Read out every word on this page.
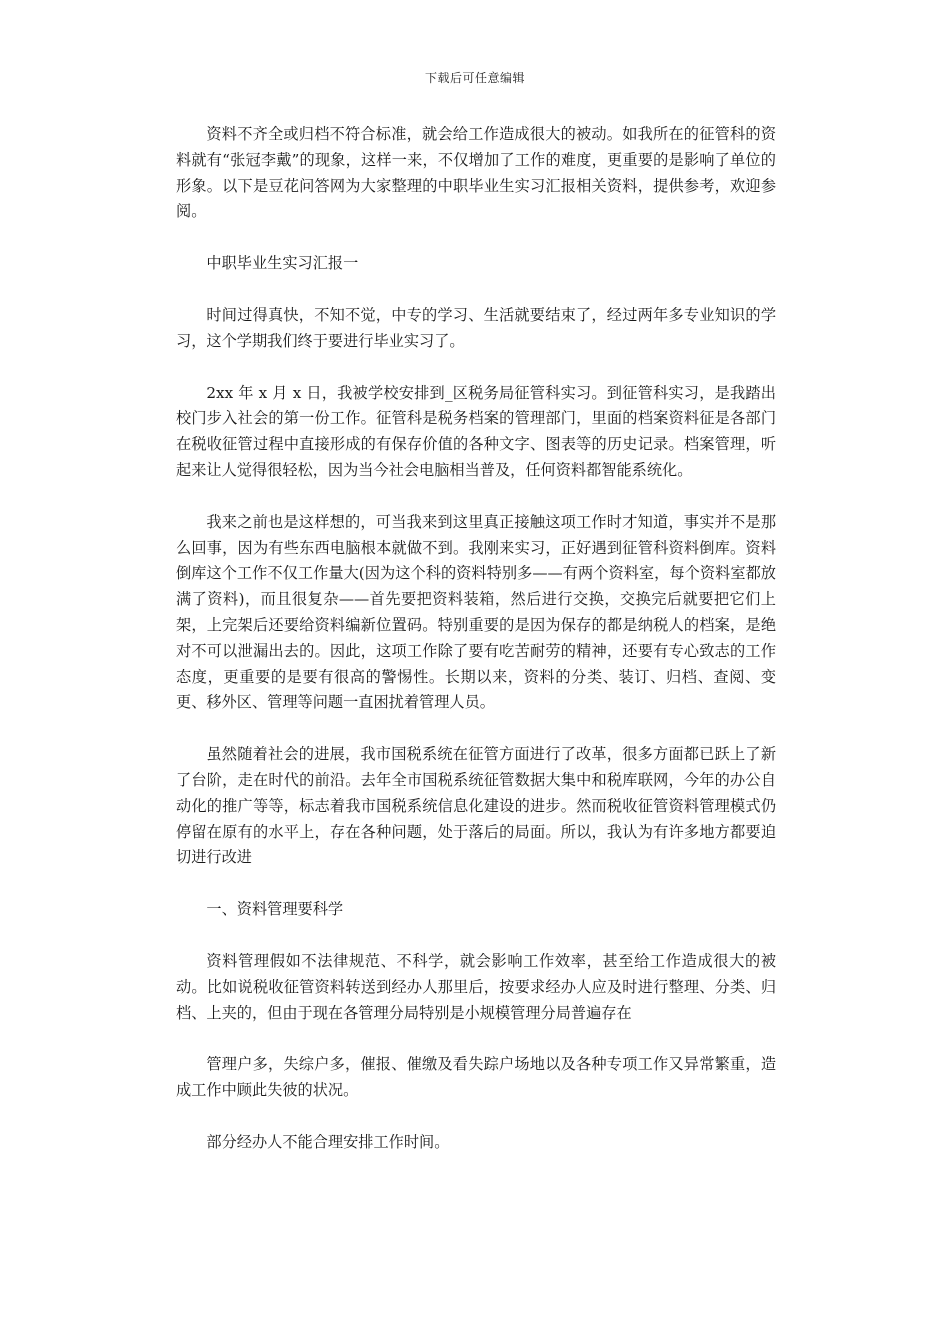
下载后可任意编辑

资料不齐全或归档不符合标准，就会给工作造成很大的被动。如我所在的征管科的资料就有“张冠李戴”的现象，这样一来，不仅增加了工作的难度，更重要的是影响了单位的形象。以下是豆花问答网为大家整理的中职毕业生实习汇报相关资料，提供参考，欢迎参阅。

中职毕业生实习汇报一

时间过得真快，不知不觉，中专的学习、生活就要结束了，经过两年多专业知识的学习，这个学期我们终于要进行毕业实习了。

2xx 年 x 月 x 日，我被学校安排到_区税务局征管科实习。到征管科实习，是我踏出校门步入社会的第一份工作。征管科是税务档案的管理部门，里面的档案资料征是各部门在税收征管过程中直接形成的有保存价值的各种文字、图表等的历史记录。档案管理，听起来让人觉得很轻松，因为当今社会电脑相当普及，任何资料都智能系统化。

我来之前也是这样想的，可当我来到这里真正接触这项工作时才知道，事实并不是那么回事，因为有些东西电脑根本就做不到。我刚来实习，正好遇到征管科资料倒库。资料倒库这个工作不仅工作量大(因为这个科的资料特别多——有两个资料室，每个资料室都放满了资料)，而且很复杂——首先要把资料装箱，然后进行交换，交换完后就要把它们上架，上完架后还要给资料编新位置码。特别重要的是因为保存的都是纳税人的档案，是绝对不可以泄漏出去的。因此，这项工作除了要有吃苦耐劳的精神，还要有专心致志的工作态度，更重要的是要有很高的警惕性。长期以来，资料的分类、装订、归档、查阅、变更、移外区、管理等问题一直困扰着管理人员。

虽然随着社会的进展，我市国税系统在征管方面进行了改革，很多方面都已跃上了新了台阶，走在时代的前沿。去年全市国税系统征管数据大集中和税库联网，今年的办公自动化的推广等等，标志着我市国税系统信息化建设的进步。然而税收征管资料管理模式仍停留在原有的水平上，存在各种问题，处于落后的局面。所以，我认为有许多地方都要迫切进行改进

一、资料管理要科学

资料管理假如不法律规范、不科学，就会影响工作效率，甚至给工作造成很大的被动。比如说税收征管资料转送到经办人那里后，按要求经办人应及时进行整理、分类、归档、上夹的，但由于现在各管理分局特别是小规模管理分局普遍存在

管理户多，失综户多，催报、催缴及看失踪户场地以及各种专项工作又异常繁重，造成工作中顾此失彼的状况。

部分经办人不能合理安排工作时间。
